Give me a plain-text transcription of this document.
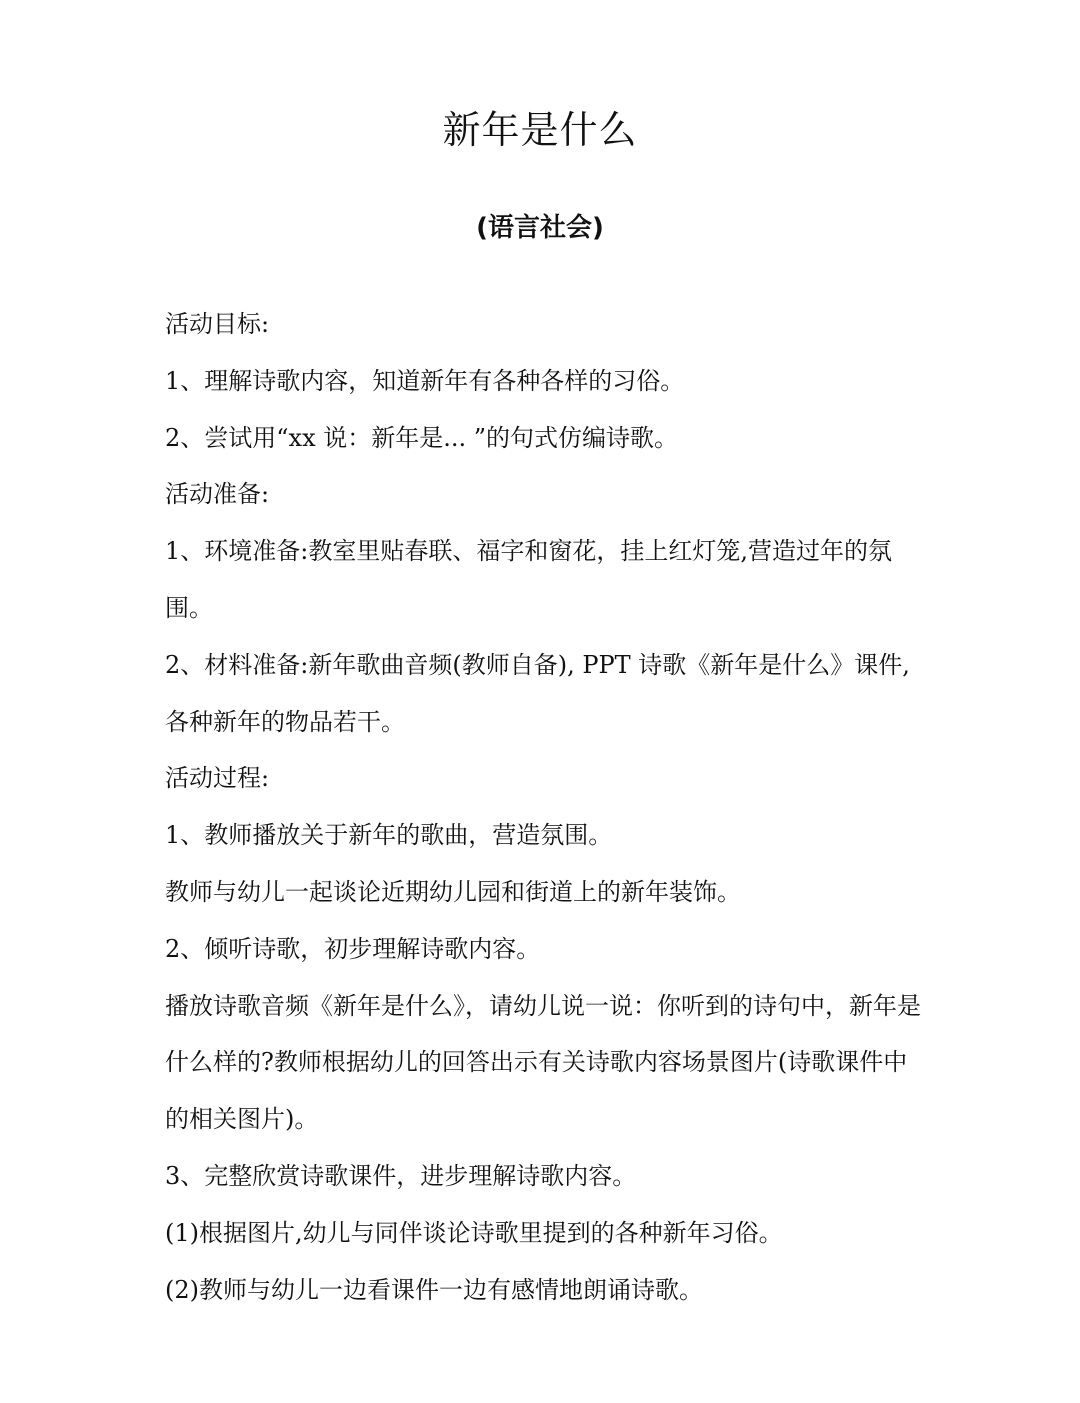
新年是什么
(语言社会)

活动目标:

1、理解诗歌内容，知道新年有各种各样的习俗。

2、尝试用“xx 说：新年是... ”的句式仿编诗歌。

活动准备:

1、环境准备:教室里贴春联、福字和窗花，挂上红灯笼,营造过年的氛围。

2、材料准备:新年歌曲音频(教师自备), PPT 诗歌《新年是什么》课件,各种新年的物品若干。

活动过程:

1、教师播放关于新年的歌曲，营造氛围。

教师与幼儿一起谈论近期幼儿园和街道上的新年装饰。

2、倾听诗歌，初步理解诗歌内容。

播放诗歌音频《新年是什么》，请幼儿说一说：你听到的诗句中，新年是什么样的?教师根据幼儿的回答出示有关诗歌内容场景图片(诗歌课件中的相关图片)。

3、完整欣赏诗歌课件，进步理解诗歌内容。

(1)根据图片,幼儿与同伴谈论诗歌里提到的各种新年习俗。

(2)教师与幼儿一边看课件一边有感情地朗诵诗歌。
